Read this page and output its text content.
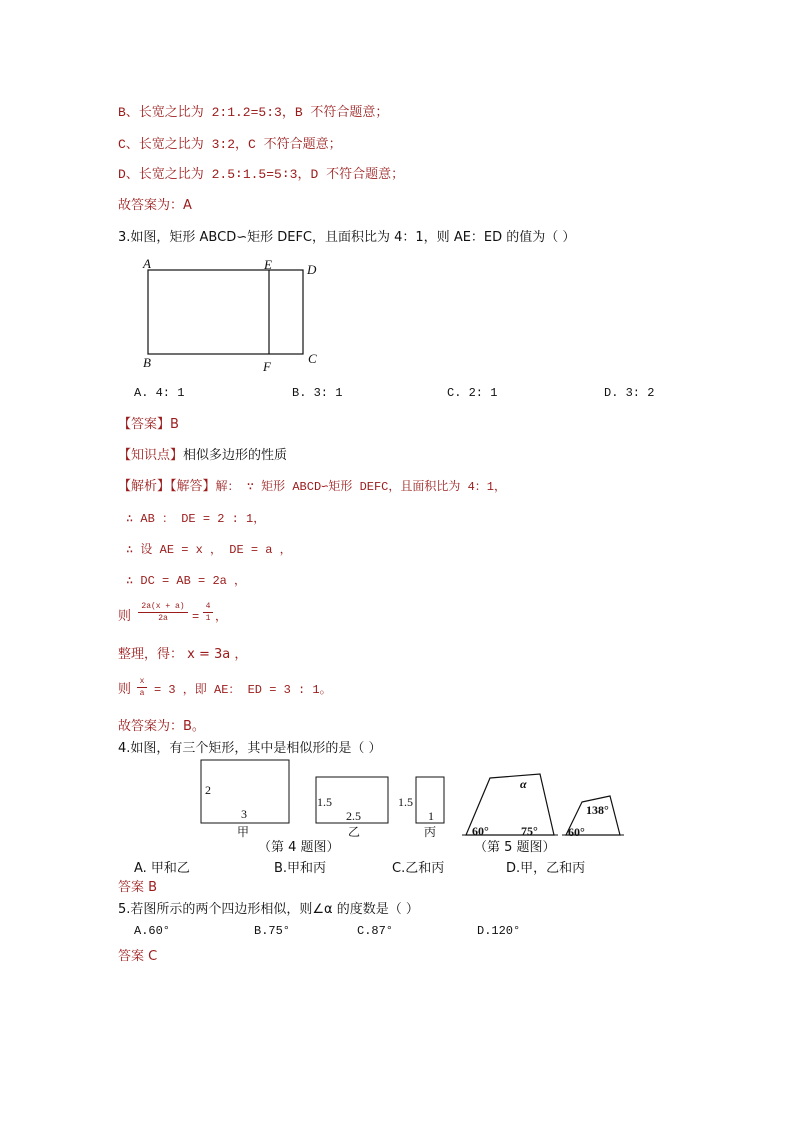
B、长宽之比为 2:1.2=5:3，B 不符合题意；
C、长宽之比为 3:2，C 不符合题意；
D、长宽之比为 2.5∶1.5=5∶3，D 不符合题意；
故答案为：A
3.如图，矩形 ABCD∽矩形 DEFC，且面积比为 4：1，则 AE：ED 的值为（ ）
A	E	D
B	F
C
A. 4: 1	B. 3: 1	C. 2: 1	D. 3: 2
【答案】B
【知识点】相似多边形的性质
【解析】【解答】解： ∵ 矩形 ABCD∽矩形 DEFC，且面积比为 4：1，
∴ AB ： DE = 2 : 1，
∴ 设 AE = x ， DE = a ，
∴ DC = AB = 2a ，
则
2a(x + a)
2a	=
4
1 ，
整理，得： x = 3a ，
则
x
a = 3 ，即 AE： ED = 3 : 1。
故答案为：B。
4.如图，有三个矩形，其中是相似形的是（ ）
2
3
甲
1.5
2.5
乙
1.5
1
丙
（第 4 题图）
α
60°	75°
138°
60°
（第 5 题图）
A. 甲和乙	B.甲和丙	C.乙和丙	D.甲，乙和丙
答案 B
5.若图所示的两个四边形相似，则∠α 的度数是（ ）
A.60°	B.75°	C.87°	D.120°
答案 C
